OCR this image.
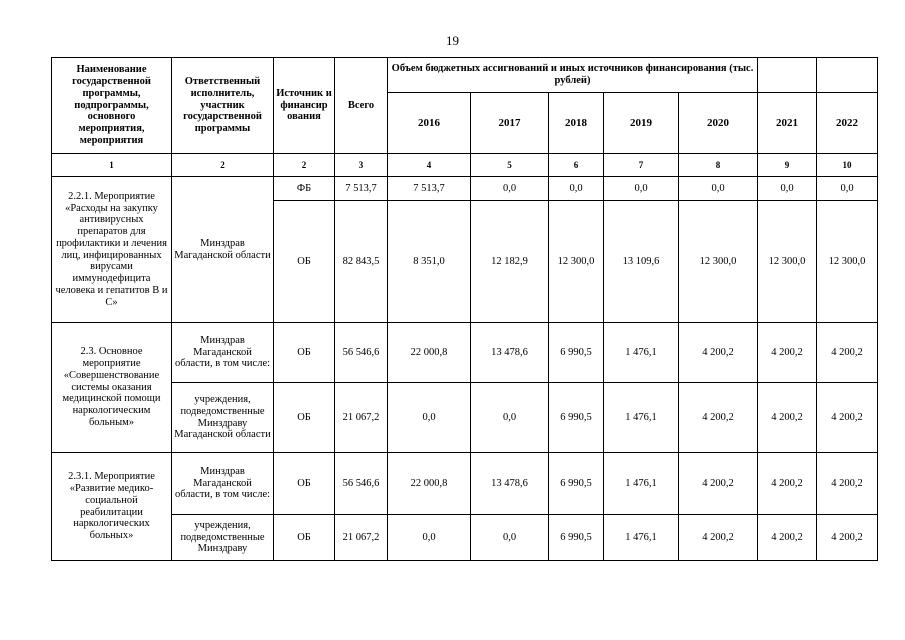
19
Наименование государственной программы, подпрограммы, основного мероприятия, мероприятия	Ответственный исполнитель, участник государственной программы	Источник и финансир ования	Всего	Объем бюджетных ассигнований и иных источников финансирования (тыс. рублей)						
				2016	2017	2018	2019	2020	2021	2022
1	2	2	3	4	5	6	7	8	9	10
2.2.1. Мероприятие «Расходы на закупку антивирусных препаратов для профилактики и лечения лиц, инфицированных вирусами иммунодефицита человека и гепатитов В и С»	Минздрав Магаданской области	ФБ	7 513,7	7 513,7	0,0	0,0	0,0	0,0	0,0	0,0
		ОБ	82 843,5	8 351,0	12 182,9	12 300,0	13 109,6	12 300,0	12 300,0	12 300,0
2.3. Основное мероприятие «Совершенствование системы оказания медицинской помощи наркологическим больным»	Минздрав Магаданской области, в том числе:	ОБ	56 546,6	22 000,8	13 478,6	6 990,5	1 476,1	4 200,2	4 200,2	4 200,2
	учреждения, подведомственные Минздраву Магаданской области	ОБ	21 067,2	0,0	0,0	6 990,5	1 476,1	4 200,2	4 200,2	4 200,2
2.3.1. Мероприятие «Развитие медико-социальной реабилитации наркологических больных»	Минздрав Магаданской области, в том числе:	ОБ	56 546,6	22 000,8	13 478,6	6 990,5	1 476,1	4 200,2	4 200,2	4 200,2
	учреждения, подведомственные Минздраву	ОБ	21 067,2	0,0	0,0	6 990,5	1 476,1	4 200,2	4 200,2	4 200,2
